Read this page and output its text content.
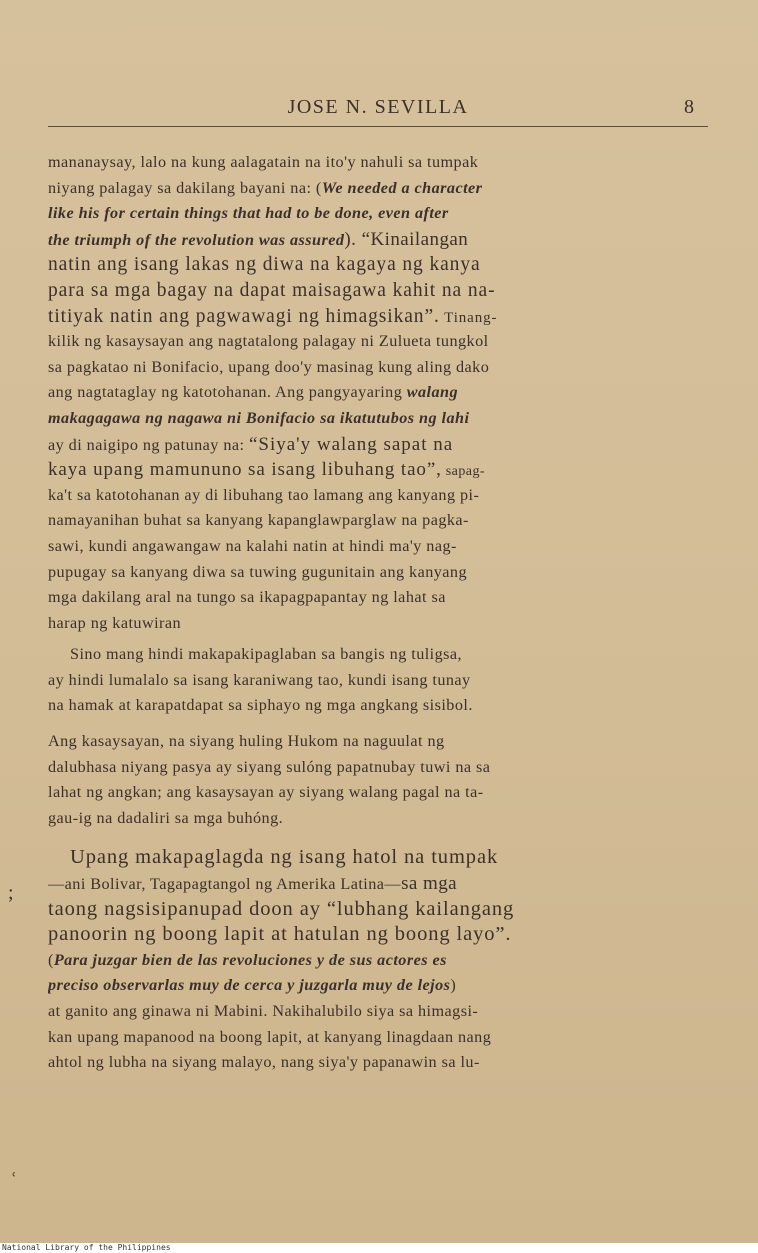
JOSE N. SEVILLA	8
;
ʿ
mananaysay, lalo na kung aalagatain na ito'y nahuli sa tumpak
niyang palagay sa dakilang bayani na: (We needed a character
like his for certain things that had to be done, even after
the triumph of the revolution was assured). “Kinailangan
natin ang isang lakas ng diwa na kagaya ng kanya
para sa mga bagay na dapat maisagawa kahit na na-
titiyak natin ang pagwawagi ng himagsikan”. Tinang-
kilik ng kasaysayan ang nagtatalong palagay ni Zulueta tungkol
sa pagkatao ni Bonifacio, upang doo'y masinag kung aling dako
ang nagtataglay ng katotohanan. Ang pangyayaring walang
makagagawa ng nagawa ni Bonifacio sa ikatutubos ng lahi
ay di naigipo ng patunay na: “Siya'y walang sapat na
kaya upang mamununo sa isang libuhang tao”, sapag-
ka't sa katotohanan ay di libuhang tao lamang ang kanyang pi-
namayanihan buhat sa kanyang kapanglawparglaw na pagka-
sawi, kundi angawangaw na kalahi natin at hindi ma'y nag-
pupugay sa kanyang diwa sa tuwing gugunitain ang kanyang
mga dakilang aral na tungo sa ikapagpapantay ng lahat sa
harap ng katuwiran
Sino mang hindi makapakipaglaban sa bangis ng tuligsa,
ay hindi lumalalo sa isang karaniwang tao, kundi isang tunay
na hamak at karapatdapat sa siphayo ng mga angkang sisibol.
Ang kasaysayan, na siyang huling Hukom na naguulat ng
dalubhasa niyang pasya ay siyang sulóng papatnubay tuwi na sa
lahat ng angkan; ang kasaysayan ay siyang walang pagal na ta-
gau-ig na dadaliri sa mga buhóng.
Upang makapaglagda ng isang hatol na tumpak
—ani Bolivar, Tagapagtangol ng Amerika Latina—sa mga
taong nagsisipanupad doon ay “lubhang kailangang
panoorin ng boong lapit at hatulan ng boong layo”.
(Para juzgar bien de las revoluciones y de sus actores es
preciso observarlas muy de cerca y juzgarla muy de lejos)
at ganito ang ginawa ni Mabini. Nakihalubilo siya sa himagsi-
kan upang mapanood na boong lapit, at kanyang linagdaan nang
ahtol ng lubha na siyang malayo, nang siya'y papanawin sa lu-
National Library of the Philippines
